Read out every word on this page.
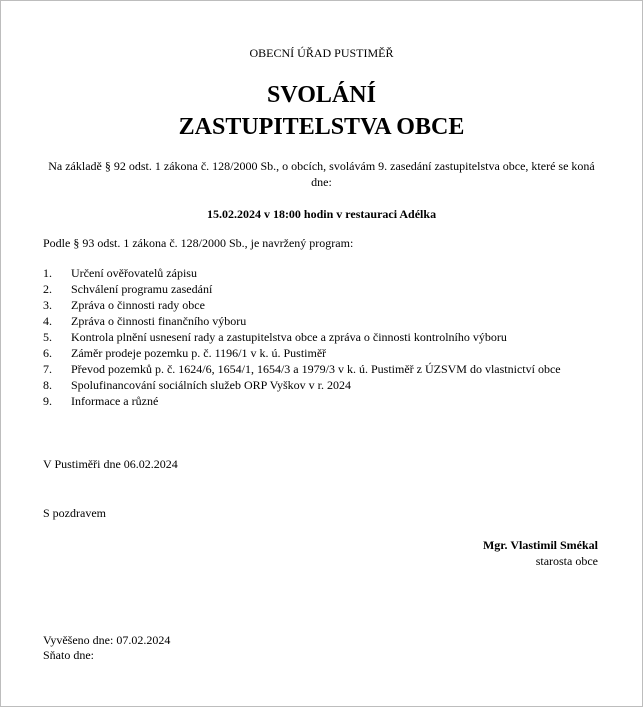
OBECNÍ ÚŘAD PUSTIMĚŘ
SVOLÁNÍ
ZASTUPITELSTVA OBCE
Na základě § 92 odst. 1 zákona č. 128/2000 Sb., o obcích, svolávám 9. zasedání zastupitelstva obce, které se koná dne:
15.02.2024 v 18:00 hodin v restauraci Adélka
Podle § 93 odst. 1 zákona č. 128/2000 Sb., je navržený program:
1.	Určení ověřovatelů zápisu
2.	Schválení programu zasedání
3.	Zpráva o činnosti rady obce
4.	Zpráva o činnosti finančního výboru
5.	Kontrola plnění usnesení rady a zastupitelstva obce a zpráva o činnosti kontrolního výboru
6.	Záměr prodeje pozemku p. č. 1196/1 v k. ú. Pustiměř
7.	Převod pozemků p. č. 1624/6, 1654/1, 1654/3 a 1979/3 v k. ú. Pustiměř z ÚZSVM do vlastnictví obce
8.	Spolufinancování sociálních služeb ORP Vyškov v r. 2024
9.	Informace a různé
V Pustiměři dne 06.02.2024
S pozdravem
Mgr. Vlastimil Smékal
starosta obce
Vyvěšeno dne: 07.02.2024
Sňato dne:
